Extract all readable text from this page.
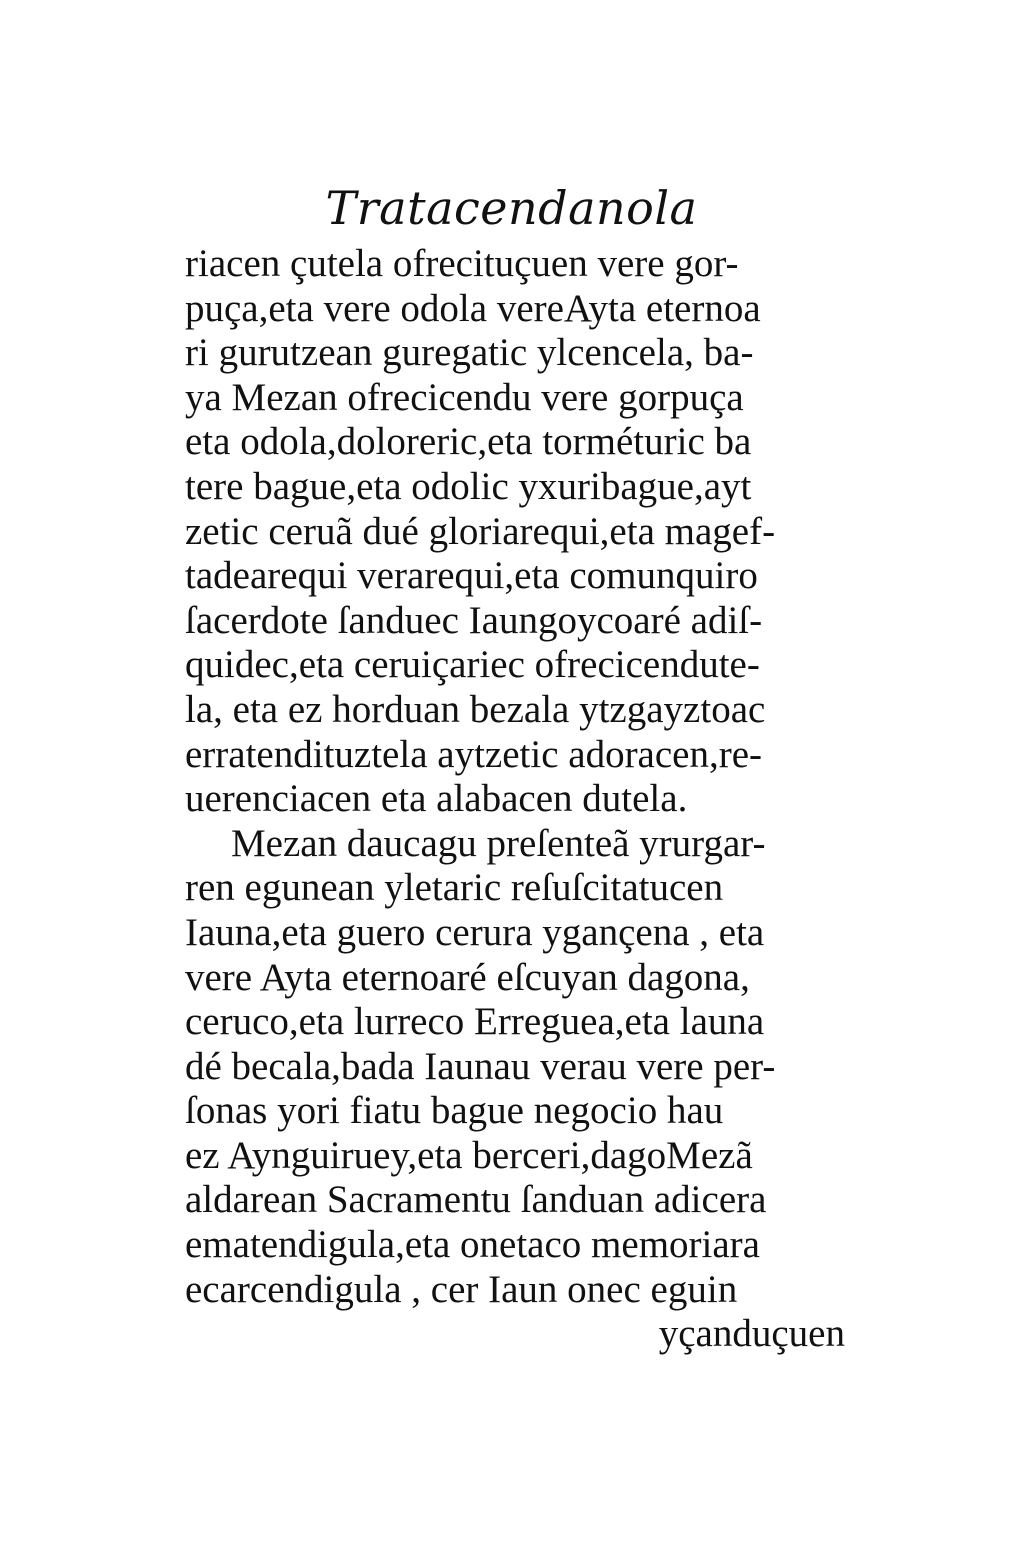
Tratacendanola
riacen çutela ofrecituçuen vere gor-
puça,eta vere odola vereAyta eternoa
ri gurutzean guregatic ylcencela, ba-
ya Mezan ofrecicendu vere gorpuça
eta odola,doloreric,eta torméturic ba
tere bague,eta odolic yxuribague,ayt
zetic ceruã dué gloriarequi,eta magef-
tadearequi verarequi,eta comunquiro
ſacerdote ſanduec Iaungoycoaré adiſ-
quidec,eta ceruiçariec ofrecicendute-
la, eta ez horduan bezala ytzgayztoac
erratendituztela aytzetic adoracen,re-
uerenciacen eta alabacen dutela.
Mezan daucagu preſenteã yrurgar-
ren egunean yletaric reſuſcitatucen
Iauna,eta guero cerura ygançena , eta
vere Ayta eternoaré eſcuyan dagona,
ceruco,eta lurreco Erreguea,eta launa
dé becala,bada Iaunau verau vere per-
ſonas yori fiatu bague negocio hau
ez Aynguiruey,eta berceri,dagoMezã
aldarean Sacramentu ſanduan adicera
ematendigula,eta onetaco memoriara
ecarcendigula , cer Iaun onec eguin
yçanduçuen
